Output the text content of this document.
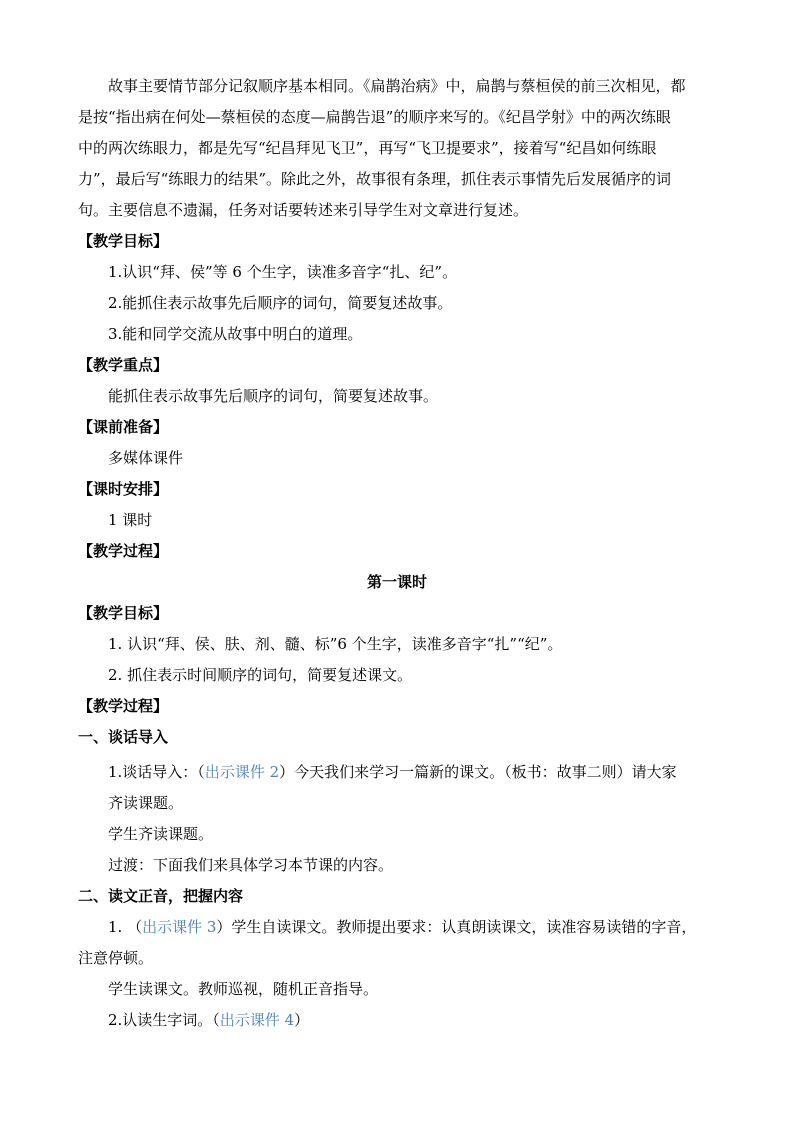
故事主要情节部分记叙顺序基本相同。《扁鹊治病》中，扁鹊与蔡桓侯的前三次相见，都
是按“指出病在何处—蔡桓侯的态度—扁鹊告退”的顺序来写的。《纪昌学射》中的两次练眼
中的两次练眼力，都是先写“纪昌拜见飞卫”，再写“飞卫提要求”，接着写“纪昌如何练眼
力”，最后写“练眼力的结果”。除此之外，故事很有条理，抓住表示事情先后发展循序的词
句。主要信息不遗漏，任务对话要转述来引导学生对文章进行复述。
【教学目标】
1.认识“拜、侯”等 6 个生字，读准多音字“扎、纪”。
2.能抓住表示故事先后顺序的词句，简要复述故事。
3.能和同学交流从故事中明白的道理。
【教学重点】
能抓住表示故事先后顺序的词句，简要复述故事。
【课前准备】
多媒体课件
【课时安排】
1 课时
【教学过程】
第一课时
【教学目标】
1. 认识“拜、侯、肤、剂、髓、标”6 个生字，读准多音字“扎”“纪”。
2. 抓住表示时间顺序的词句，简要复述课文。
【教学过程】
一、谈话导入
1.谈话导入：（出示课件 2）今天我们来学习一篇新的课文。（板书：故事二则）请大家
齐读课题。
学生齐读课题。
过渡：下面我们来具体学习本节课的内容。
二、读文正音，把握内容
1. （出示课件 3）学生自读课文。教师提出要求：认真朗读课文，读准容易读错的字音，
注意停顿。
学生读课文。教师巡视，随机正音指导。
2.认读生字词。（出示课件 4）
